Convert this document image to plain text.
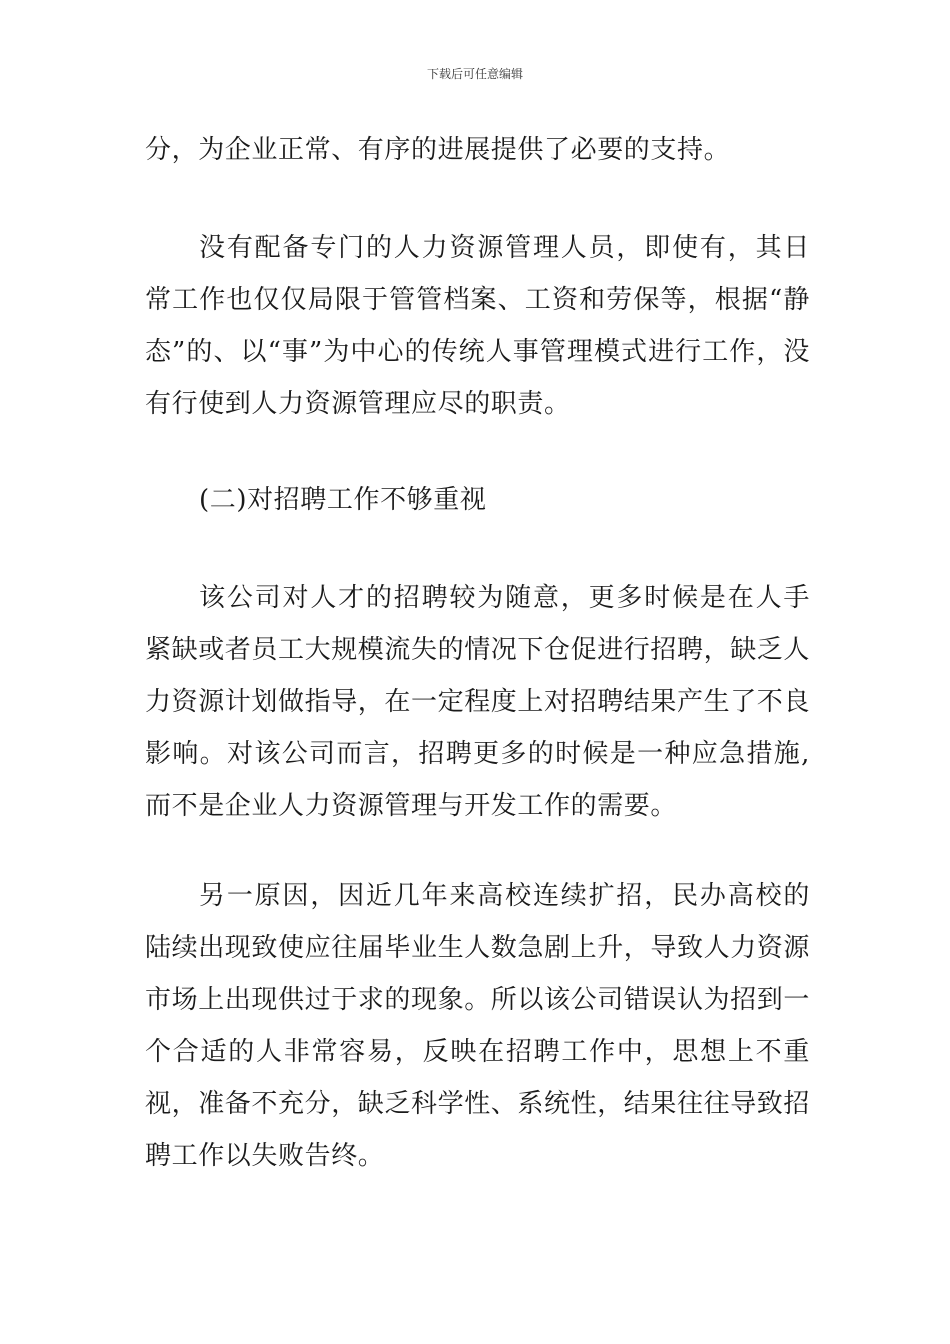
下载后可任意编辑

分，为企业正常、有序的进展提供了必要的支持。

没有配备专门的人力资源管理人员，即使有，其日常工作也仅仅局限于管管档案、工资和劳保等，根据“静态”的、以“事”为中心的传统人事管理模式进行工作，没有行使到人力资源管理应尽的职责。

(二)对招聘工作不够重视

该公司对人才的招聘较为随意，更多时候是在人手紧缺或者员工大规模流失的情况下仓促进行招聘，缺乏人力资源计划做指导，在一定程度上对招聘结果产生了不良影响。对该公司而言，招聘更多的时候是一种应急措施,而不是企业人力资源管理与开发工作的需要。

另一原因，因近几年来高校连续扩招，民办高校的陆续出现致使应往届毕业生人数急剧上升，导致人力资源市场上出现供过于求的现象。所以该公司错误认为招到一个合适的人非常容易，反映在招聘工作中，思想上不重视，准备不充分，缺乏科学性、系统性，结果往往导致招聘工作以失败告终。
